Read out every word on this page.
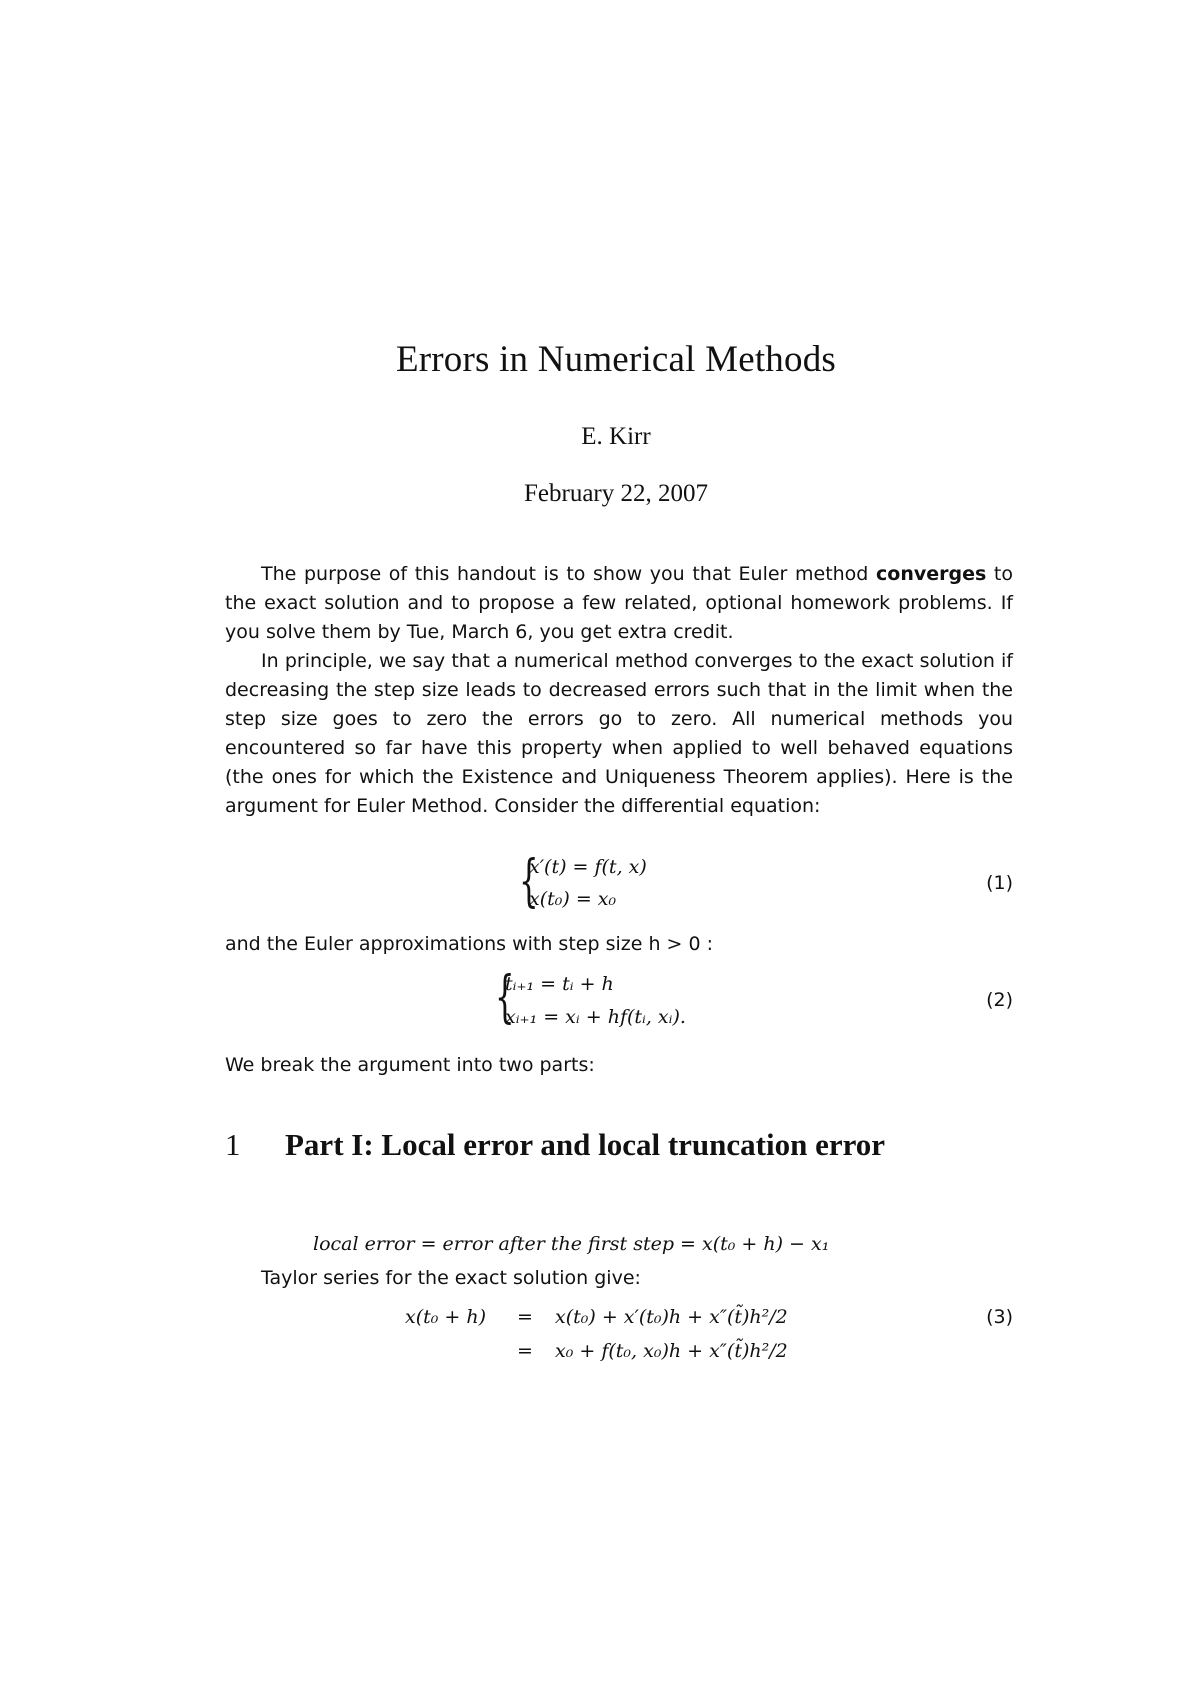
Errors in Numerical Methods
E. Kirr
February 22, 2007

The purpose of this handout is to show you that Euler method converges to the exact solution and to propose a few related, optional homework problems. If you solve them by Tue, March 6, you get extra credit.

In principle, we say that a numerical method converges to the exact solution if decreasing the step size leads to decreased errors such that in the limit when the step size goes to zero the errors go to zero. All numerical methods you encountered so far have this property when applied to well behaved equations (the ones for which the Existence and Uniqueness Theorem applies). Here is the argument for Euler Method. Consider the differential equation:

{
x′(t) = f(t, x)
x(t₀) = x₀
(1)
and the Euler approximations with step size h > 0 :
{
tᵢ₊₁ = tᵢ + h
xᵢ₊₁ = xᵢ + hf(tᵢ, xᵢ).
(2)
We break the argument into two parts:
1 Part I: Local error and local truncation error
local error = error after the first step = x(t₀ + h) − x₁
Taylor series for the exact solution give:
x(t₀ + h) = x(t₀) + x′(t₀)h + x″(t̃)h²/2
= x₀ + f(t₀, x₀)h + x″(t̃)h²/2
(3)
